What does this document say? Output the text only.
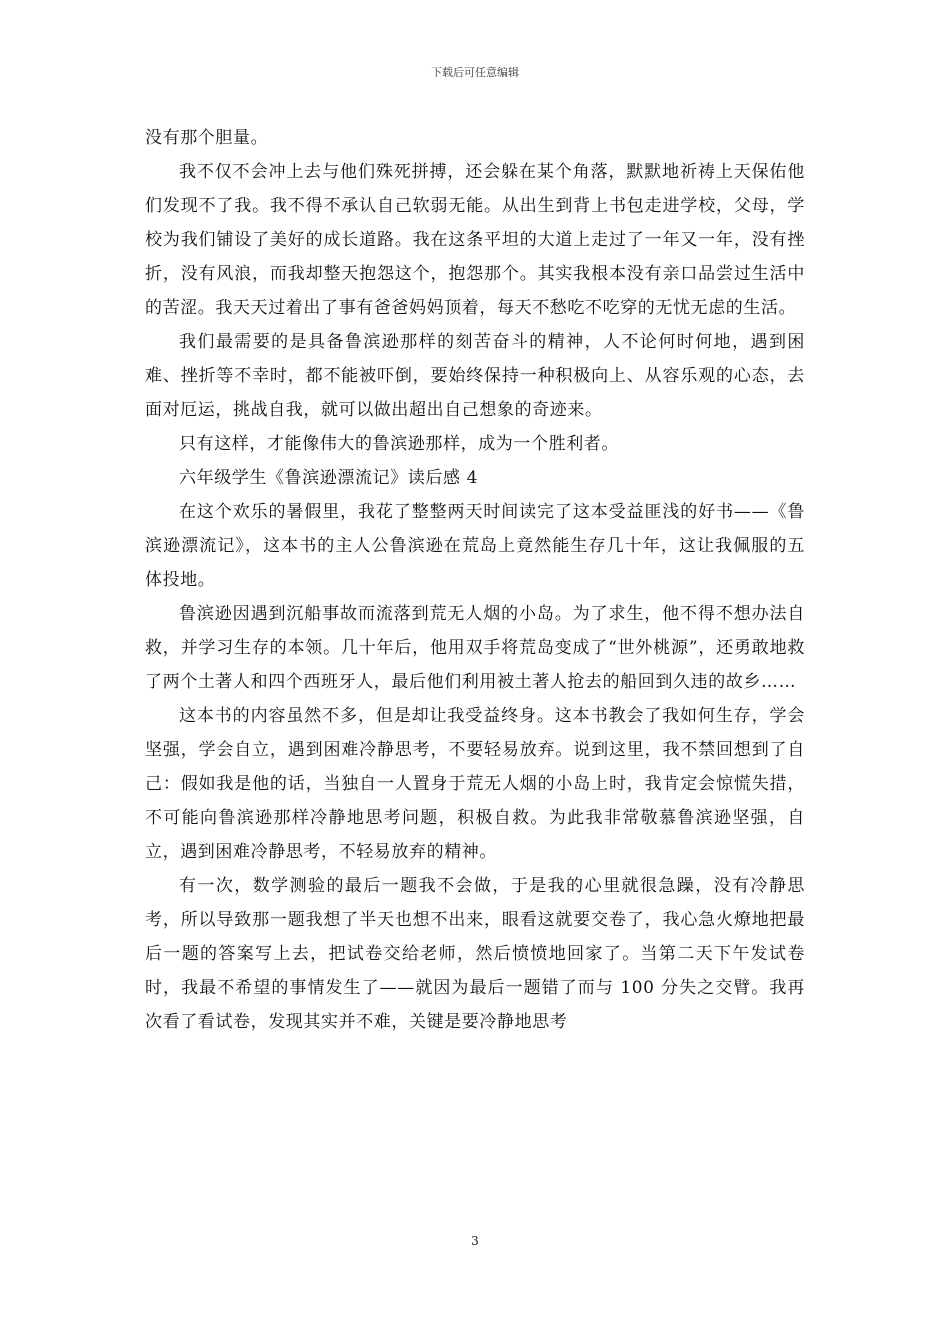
下载后可任意编辑

没有那个胆量。

我不仅不会冲上去与他们殊死拼搏，还会躲在某个角落，默默地祈祷上天保佑他们发现不了我。我不得不承认自己软弱无能。从出生到背上书包走进学校，父母，学校为我们铺设了美好的成长道路。我在这条平坦的大道上走过了一年又一年，没有挫折，没有风浪，而我却整天抱怨这个，抱怨那个。其实我根本没有亲口品尝过生活中的苦涩。我天天过着出了事有爸爸妈妈顶着，每天不愁吃不吃穿的无忧无虑的生活。

我们最需要的是具备鲁滨逊那样的刻苦奋斗的精神，人不论何时何地，遇到困难、挫折等不幸时，都不能被吓倒，要始终保持一种积极向上、从容乐观的心态，去面对厄运，挑战自我，就可以做出超出自己想象的奇迹来。

只有这样，才能像伟大的鲁滨逊那样，成为一个胜利者。

六年级学生《鲁滨逊漂流记》读后感 4

在这个欢乐的暑假里，我花了整整两天时间读完了这本受益匪浅的好书——《鲁滨逊漂流记》，这本书的主人公鲁滨逊在荒岛上竟然能生存几十年，这让我佩服的五体投地。

鲁滨逊因遇到沉船事故而流落到荒无人烟的小岛。为了求生，他不得不想办法自救，并学习生存的本领。几十年后，他用双手将荒岛变成了“世外桃源”，还勇敢地救了两个土著人和四个西班牙人，最后他们利用被土著人抢去的船回到久违的故乡……

这本书的内容虽然不多，但是却让我受益终身。这本书教会了我如何生存，学会坚强，学会自立，遇到困难冷静思考，不要轻易放弃。说到这里，我不禁回想到了自己：假如我是他的话，当独自一人置身于荒无人烟的小岛上时，我肯定会惊慌失措，不可能向鲁滨逊那样冷静地思考问题，积极自救。为此我非常敬慕鲁滨逊坚强，自立，遇到困难冷静思考，不轻易放弃的精神。

有一次，数学测验的最后一题我不会做，于是我的心里就很急躁，没有冷静思考，所以导致那一题我想了半天也想不出来，眼看这就要交卷了，我心急火燎地把最后一题的答案写上去，把试卷交给老师，然后愤愤地回家了。当第二天下午发试卷时，我最不希望的事情发生了——就因为最后一题错了而与 100 分失之交臂。我再次看了看试卷，发现其实并不难，关键是要冷静地思考

3
